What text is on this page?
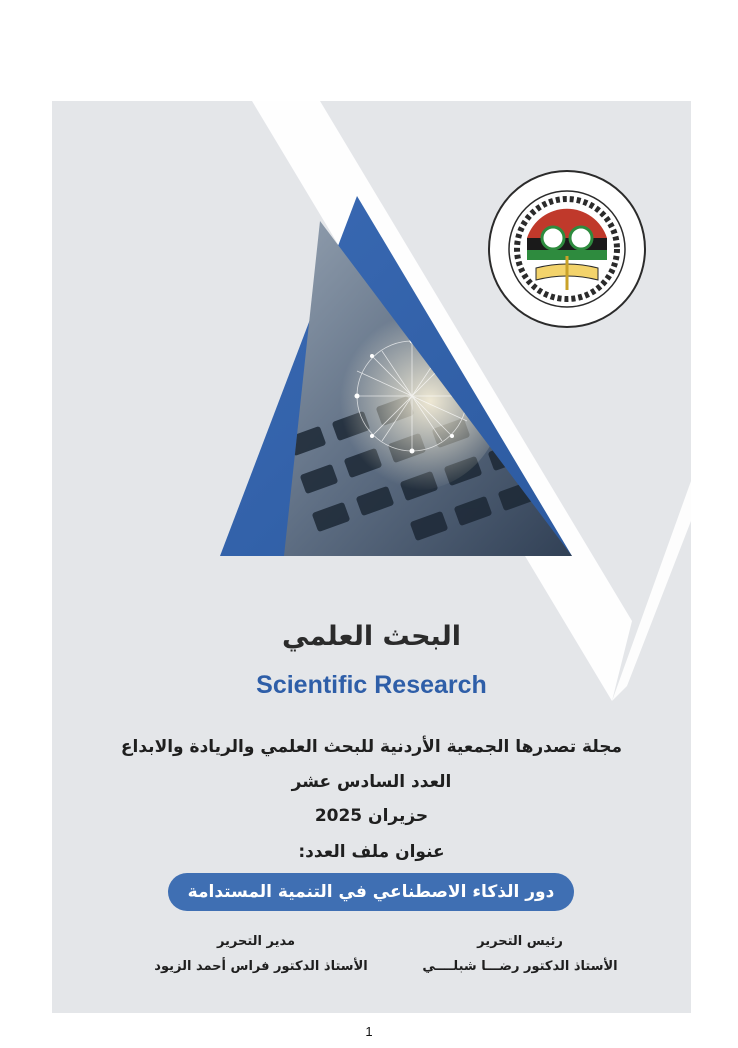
البحث العلمي
Scientific Research
مجلة تصدرها الجمعية الأردنية للبحث العلمي والريادة والابداع
العدد السادس عشر
حزيران 2025
عنوان ملف العدد:
دور الذكاء الاصطناعي في التنمية المستدامة
رئيس التحرير
الأستاذ الدكتور رضـــا شبلــــي
مدير التحرير
الأستاذ الدكتور فراس أحمد الزيود
1
